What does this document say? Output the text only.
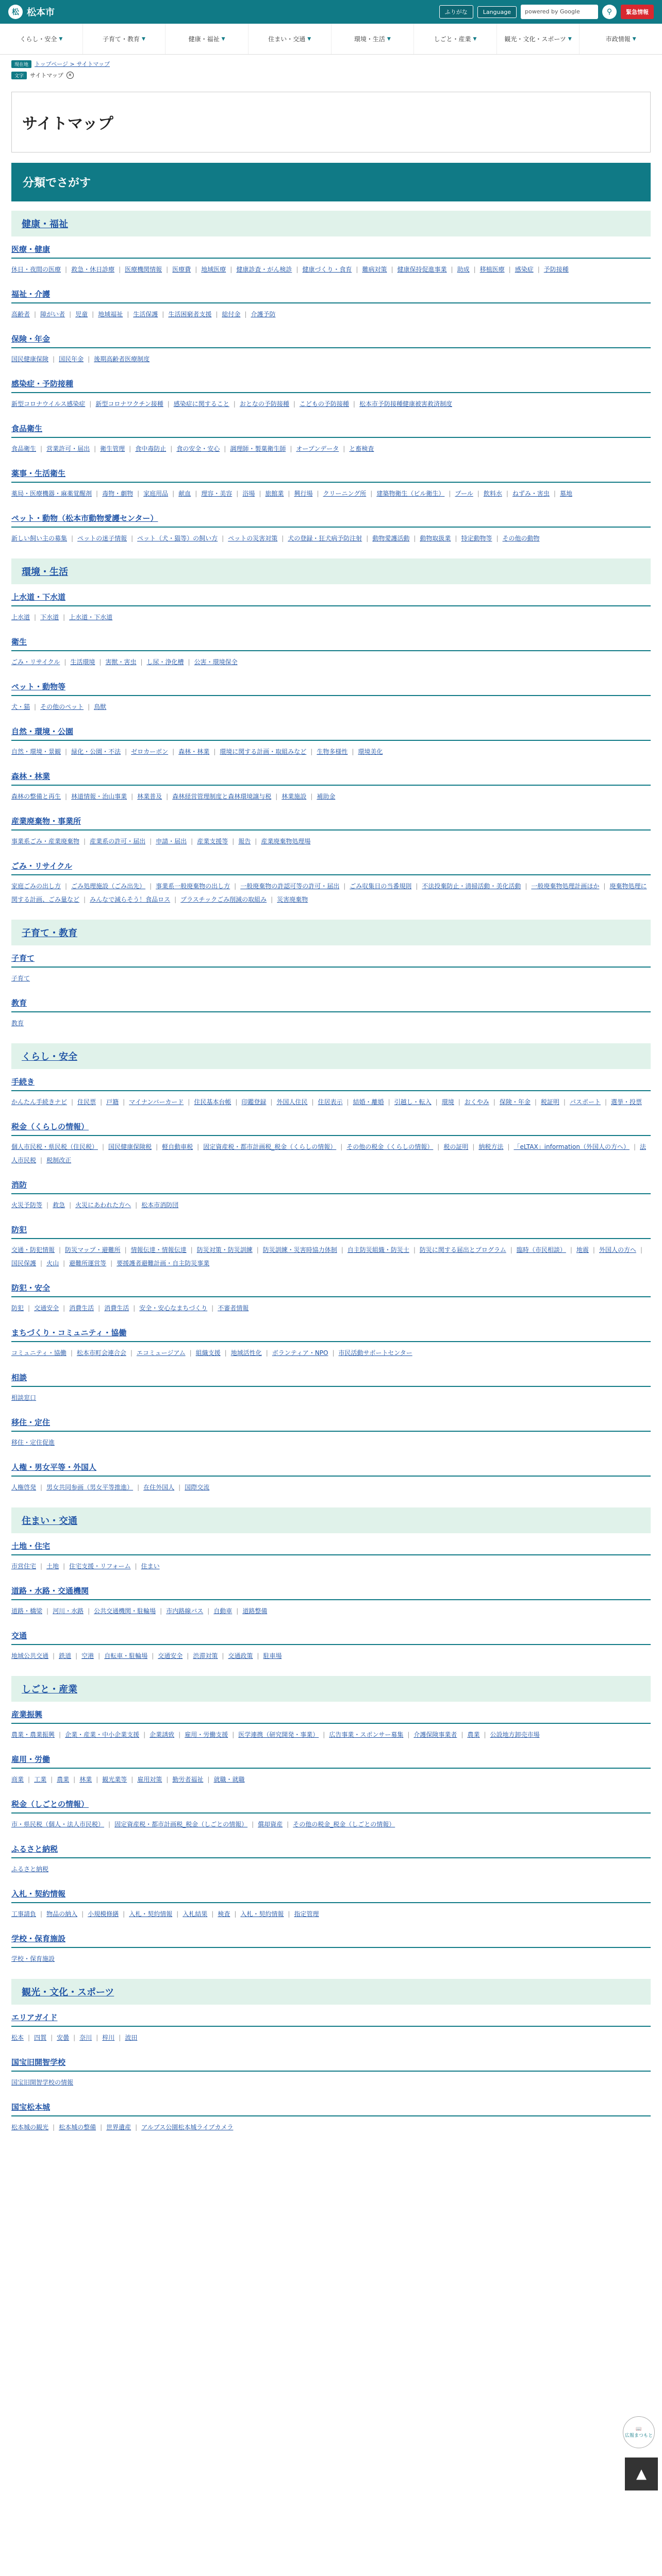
松 松本市	ふりがな	Language	powered by Google	⚲	緊急情報
くらし・安全 ▼	子育て・教育 ▼	健康・福祉 ▼	住まい・交通 ▼	環境・生活 ▼	しごと・産業 ▼	観光・文化・スポーツ ▼	市政情報 ▼
現在地	トップページ > サイトマップ
文字	サイトマップ	×
サイトマップ
分類でさがす
健康・福祉
医療・健康
休日・夜間の医療 | 救急・休日診療 | 医療機関情報 | 医療費 | 地域医療 | 健康診査・がん検診 | 健康づくり・食育 | 難病対策 | 健康保持促進事業 | 助成 | 移植医療 | 感染症 | 予防接種
福祉・介護
高齢者 | 障がい者 | 児童 | 地域福祉 | 生活保護 | 生活困窮者支援 | 総付金 | 介護予防
保険・年金
国民健康保険 | 国民年金 | 後期高齢者医療制度
感染症・予防接種
新型コロナウイルス感染症 | 新型コロナワクチン接種 | 感染症に関すること | おとなの予防接種 | こどもの予防接種 | 松本市予防接種健康被害救済制度
食品衛生
食品衛生 | 営業許可・届出 | 衛生管理 | 食中毒防止 | 食の安全・安心 | 調理師・製菓衛生師 | オープンデータ | と畜検査
薬事・生活衛生
薬局・医療機器・麻薬覚醒剤 | 毒物・劇物 | 家庭用品 | 献血 | 理容・美容 | 浴場 | 旅館業 | 興行場 | クリーニング所 | 建築物衛生（ビル衛生） | プール | 飲料水 | ねずみ・害虫 | 墓地
ペット・動物（松本市動物愛護センター）
新しい飼い主の募集 | ペットの迷子情報 | ペット（犬・猫等）の飼い方 | ペットの災害対策 | 犬の登録・狂犬病予防注射 | 動物愛護活動 | 動物取扱業 | 特定動物等 | その他の動物
環境・生活
上水道・下水道
上水道 | 下水道 | 上水道・下水道
衛生
ごみ・リサイクル | 生活環境 | 害獣・害虫 | し尿・浄化槽 | 公害・環境保全
ペット・動物等
犬・猫 | その他のペット | 鳥獣
自然・環境・公園
自然・環境・景観 | 緑化・公園・不法 | ゼロカーボン | 森林・林業 | 環境に関する計画・取組みなど | 生物多様性 | 環境美化
森林・林業
森林の整備と再生 | 林道情報・治山事業 | 林業普及 | 森林経営管理制度と森林環境譲与税 | 林業施設 | 補助金
産業廃棄物・事業所
事業系ごみ・産業廃棄物 | 産業系の許可・届出 | 申請・届出 | 産業支援等 | 報告 | 産業廃棄物処理場
ごみ・リサイクル
家庭ごみの出し方 | ごみ処理施設（ごみ出先） | 事業系一般廃棄物の出し方 | 一般廃棄物の許認可等の許可・届出 | ごみ収集日の当番規則 | 不法投棄防止・清掃活動・美化活動 | 一般廃棄物処理計画ほか | 廃棄物処理に関する計画、ごみ量など | みんなで減らそう！食品ロス | プラスチックごみ削減の取組み | 災害廃棄物
子育て・教育
子育て
子育て
教育
教育
くらし・安全
手続き
かんたん手続きナビ | 住民票 | 戸籍 | マイナンバーカード | 住民基本台帳 | 印鑑登録 | 外国人住民 | 住居表示 | 結婚・離婚 | 引越し・転入 | 環境 | おくやみ | 保険・年金 | 税証明 | パスポート | 選挙・投票
税金（くらしの情報）
個人市民税・県民税（住民税） | 国民健康保険税 | 軽自動車税 | 固定資産税・都市計画税_税金（くらしの情報） | その他の税金（くらしの情報） | 税の証明 | 納税方法 | 「eLTAX」information（外国人の方へ） | 法人市民税 | 税制改正
消防
火災予防等 | 救急 | 火災にあわれた方へ | 松本市消防団
防犯
交通・防犯情報 | 防災マップ・避難所 | 情報伝達・情報伝達 | 防災対策・防災訓練 | 防災訓練・災害時協力体制 | 自主防災組織・防災士 | 防災に関する届出とプログラム | 臨時（市民相談） | 地震 | 外国人の方へ |国民保護 | 火山 | 避難所運営等 | 要援護者避難計画・自主防災事業
防犯・安全
防犯 | 交通安全 | 消費生活 | 消費生活 | 安全・安心なまちづくり | 不審者情報
まちづくり・コミュニティ・協働
コミュニティ・協働 | 松本市町会連合会 | エコミュージアム | 組織支援 | 地域活性化 | ボランティア・NPO | 市民活動サポートセンター
相談
相談窓口
移住・定住
移住・定住促進
人権・男女平等・外国人
人権啓発 | 男女共同参画（男女平等推進） | 在住外国人 | 国際交流
住まい・交通
土地・住宅
市営住宅 | 土地 | 住宅支援・リフォーム | 住まい
道路・水路・交通機関
道路・橋梁 | 河川・水路 | 公共交通機関・駐輪場 | 市内路線バス | 自動車 | 道路整備
交通
地域公共交通 | 鉄道 | 空港 | 自転車・駐輪場 | 交通安全 | 渋滞対策 | 交通政策 | 駐車場
しごと・産業
産業振興
農業・農業振興 | 企業・産業・中小企業支援 | 企業誘致 | 雇用・労働支援 | 医学連携（研究開発・事業） | 広告事業・スポンサー募集 | 介護保険事業者 | 農業 | 公設地方卸売市場
雇用・労働
商業 | 工業 | 農業 | 林業 | 観光業等 | 雇用対策 | 勤労者福祉 | 就職・就職
税金（しごとの情報）
市・県民税（個人・法人市民税） | 固定資産税・都市計画税_税金（しごとの情報） | 償却資産 | その他の税金_税金（しごとの情報）
ふるさと納税
ふるさと納税
入札・契約情報
工事請負 | 物品の納入 | 小規模修繕 | 入札・契約情報 | 入札結果 | 検査 | 入札・契約情報 | 指定管理
学校・保育施設
学校・保育施設
観光・文化・スポーツ
エリアガイド
松本 | 四賀 | 安曇 | 奈川 | 梓川 | 波田
国宝旧開智学校
国宝旧開智学校の情報
国宝松本城
松本城の観光 | 松本城の整備 | 世界遺産 | アルプス公園松本城ライブカメラ
📖
広報まつもと
▲
